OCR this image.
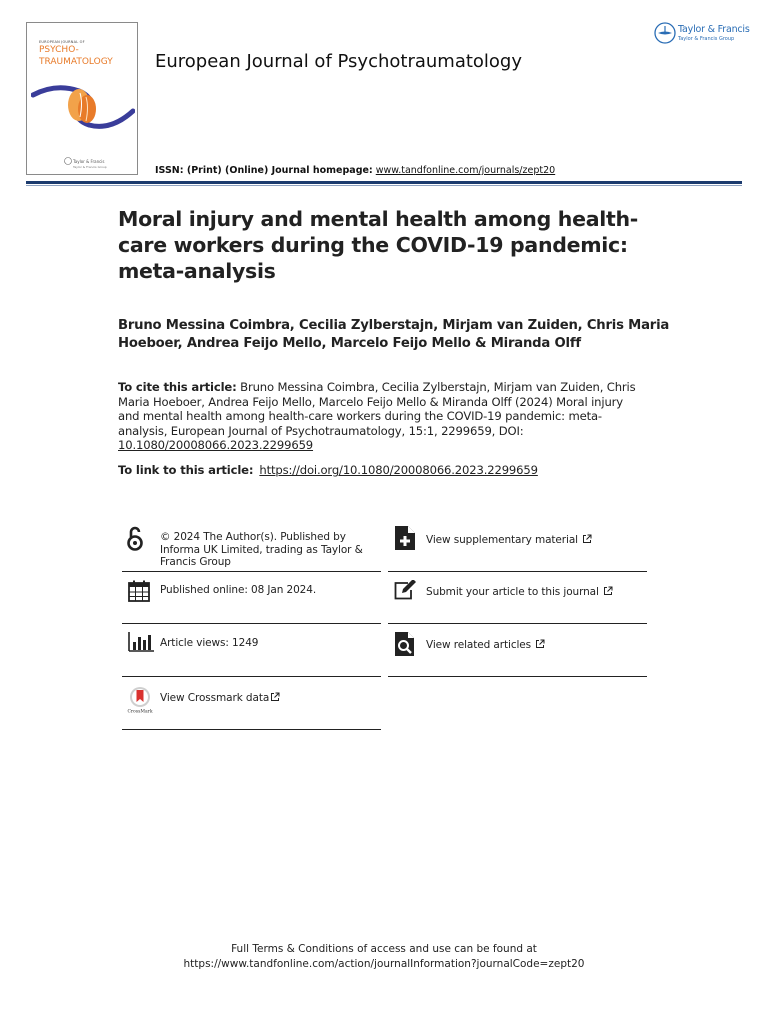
EUROPEAN JOURNAL OF
PSYCHO-
TRAUMATOLOGY
Taylor & Francis
Taylor & Francis Group
European Journal of Psychotraumatology
ISSN: (Print) (Online) Journal homepage: www.tandfonline.com/journals/zept20
Taylor & Francis
Taylor & Francis Group
Moral injury and mental health among health-care workers during the COVID-19 pandemic: meta-analysis
Bruno Messina Coimbra, Cecilia Zylberstajn, Mirjam van Zuiden, Chris Maria Hoeboer, Andrea Feijo Mello, Marcelo Feijo Mello & Miranda Olff
To cite this article: Bruno Messina Coimbra, Cecilia Zylberstajn, Mirjam van Zuiden, Chris Maria Hoeboer, Andrea Feijo Mello, Marcelo Feijo Mello & Miranda Olff (2024) Moral injury and mental health among health-care workers during the COVID-19 pandemic: meta-analysis, European Journal of Psychotraumatology, 15:1, 2299659, DOI: 10.1080/20008066.2023.2299659
To link to this article: https://doi.org/10.1080/20008066.2023.2299659
© 2024 The Author(s). Published by Informa UK Limited, trading as Taylor & Francis Group
Published online: 08 Jan 2024.
Article views: 1249
CrossMark
View Crossmark data
View supplementary material
Submit your article to this journal
View related articles
Full Terms & Conditions of access and use can be found at
https://www.tandfonline.com/action/journalInformation?journalCode=zept20
